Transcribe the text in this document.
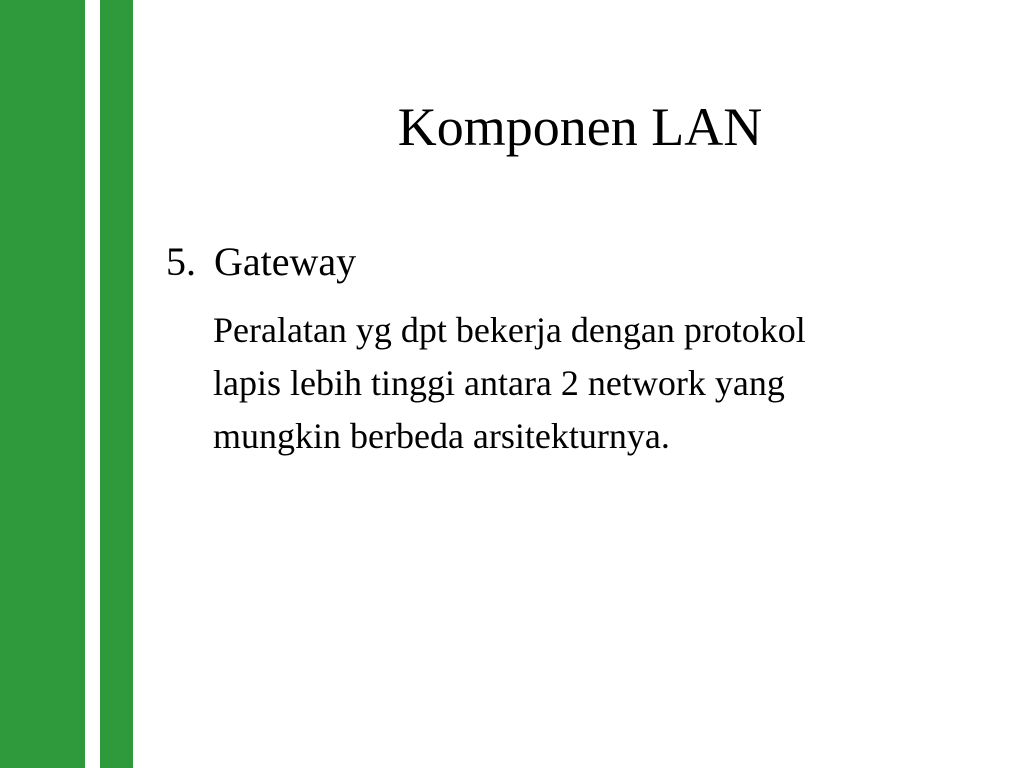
Komponen LAN

5. Gateway

Peralatan yg dpt bekerja dengan protokol
lapis lebih tinggi antara 2 network yang
mungkin berbeda arsitekturnya.
